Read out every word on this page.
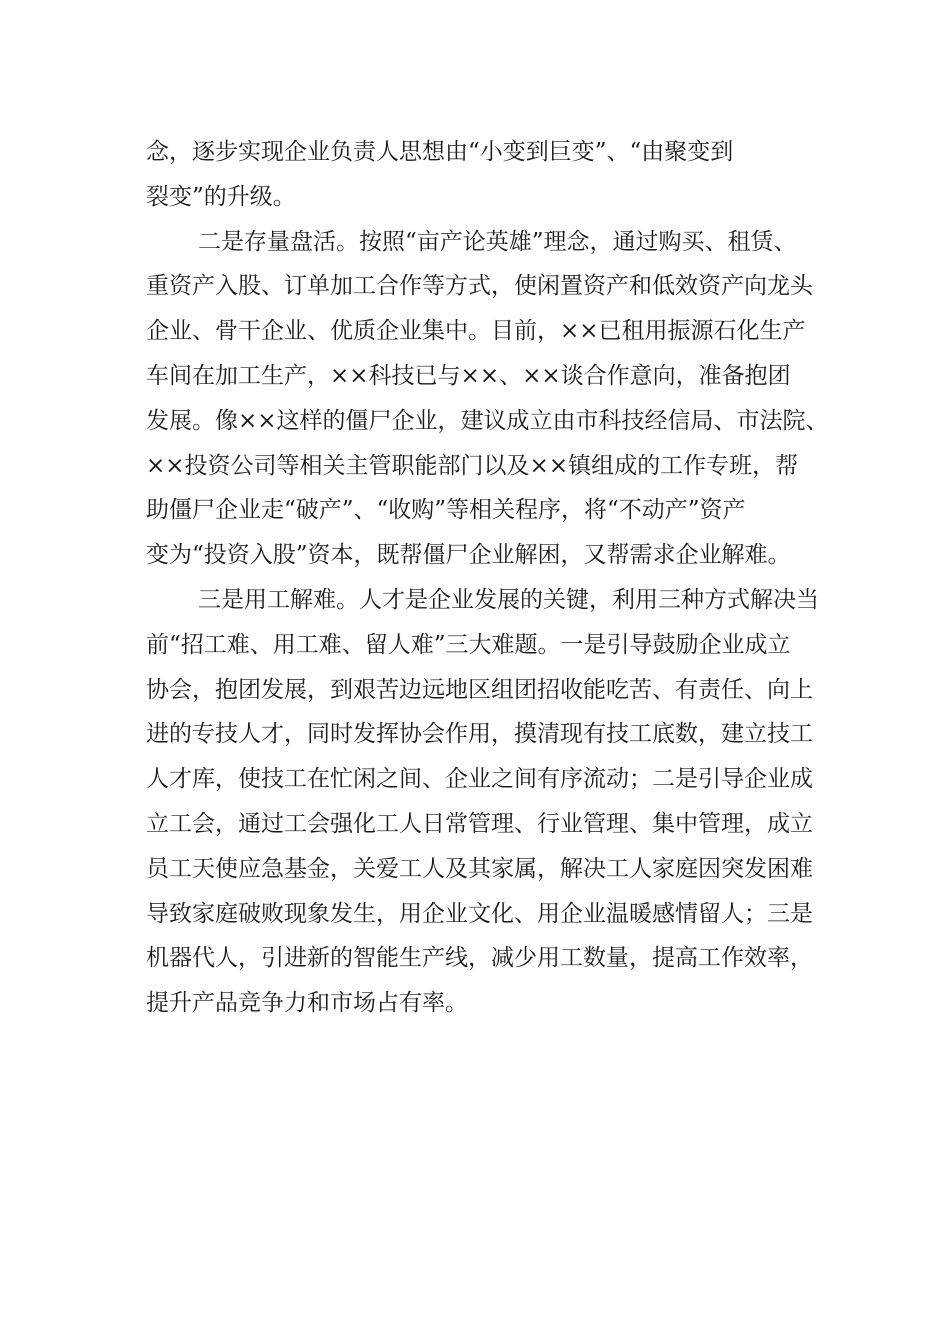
念，逐步实现企业负责人思想由“小变到巨变”、“由聚变到
裂变”的升级。
二是存量盘活。按照“亩产论英雄”理念，通过购买、租赁、
重资产入股、订单加工合作等方式，使闲置资产和低效资产向龙头
企业、骨干企业、优质企业集中。目前，××已租用振源石化生产
车间在加工生产，××科技已与××、××谈合作意向，准备抱团
发展。像××这样的僵尸企业，建议成立由市科技经信局、市法院、
××投资公司等相关主管职能部门以及××镇组成的工作专班，帮
助僵尸企业走“破产”、“收购”等相关程序，将“不动产”资产
变为“投资入股”资本，既帮僵尸企业解困，又帮需求企业解难。
三是用工解难。人才是企业发展的关键，利用三种方式解决当
前“招工难、用工难、留人难”三大难题。一是引导鼓励企业成立
协会，抱团发展，到艰苦边远地区组团招收能吃苦、有责任、向上
进的专技人才，同时发挥协会作用，摸清现有技工底数，建立技工
人才库，使技工在忙闲之间、企业之间有序流动；二是引导企业成
立工会，通过工会强化工人日常管理、行业管理、集中管理，成立
员工天使应急基金，关爱工人及其家属，解决工人家庭因突发困难
导致家庭破败现象发生，用企业文化、用企业温暖感情留人；三是
机器代人，引进新的智能生产线，减少用工数量，提高工作效率，
提升产品竞争力和市场占有率。
